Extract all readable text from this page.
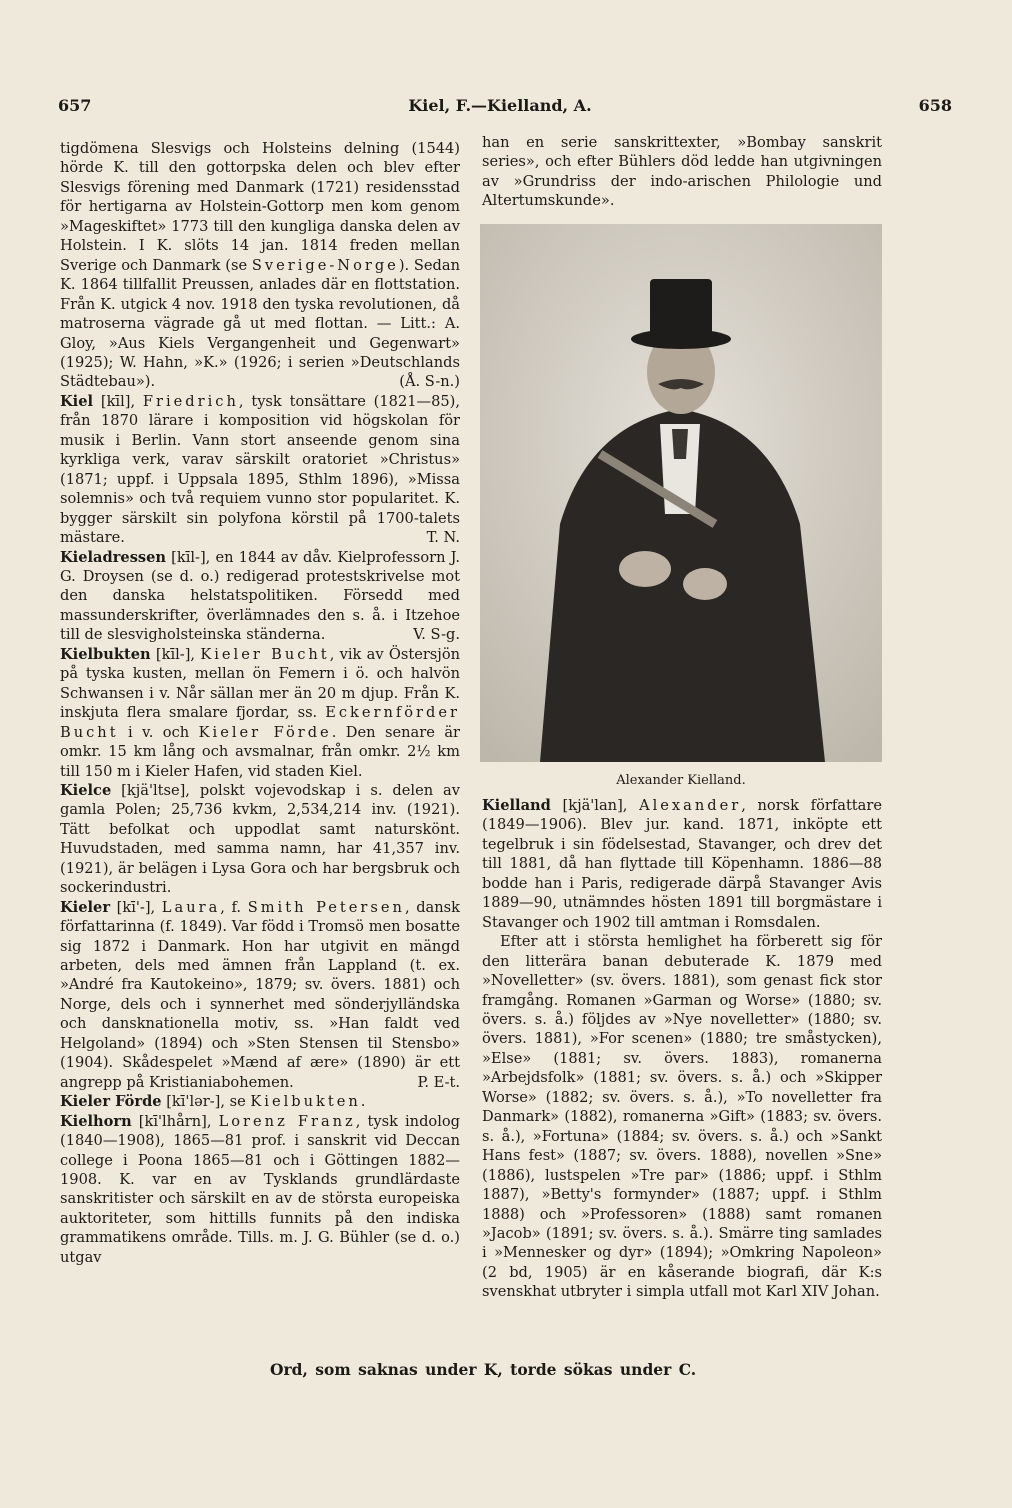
657	Kiel, F.—Kielland, A.	658

tigdömena Slesvigs och Holsteins delning (1544) hörde K. till den gottorpska delen och blev efter Slesvigs förening med Danmark (1721) residensstad för hertigarna av Holstein-Gottorp men kom genom »Mageskiftet» 1773 till den kungliga danska delen av Holstein. I K. slöts 14 jan. 1814 freden mellan Sverige och Danmark (se Sverige-Norge). Sedan K. 1864 tillfallit Preussen, anlades där en flottstation. Från K. utgick 4 nov. 1918 den tyska revolutionen, då matroserna vägrade gå ut med flottan. — Litt.: A. Gloy, »Aus Kiels Vergangenheit und Gegenwart» (1925); W. Hahn, »K.» (1926; i serien »Deutschlands Städtebau»).	(Å. S-n.)

Kiel [kīl], Friedrich, tysk tonsättare (1821—85), från 1870 lärare i komposition vid högskolan för musik i Berlin. Vann stort anseende genom sina kyrkliga verk, varav särskilt oratoriet »Christus» (1871; uppf. i Uppsala 1895, Sthlm 1896), »Missa solemnis» och två requiem vunno stor popularitet. K. bygger särskilt sin polyfona körstil på 1700-talets mästare.	T. N.

Kieladressen [kīl-], en 1844 av dåv. Kielprofessorn J. G. Droysen (se d. o.) redigerad protestskrivelse mot den danska helstatspolitiken. Försedd med massunderskrifter, överlämnades den s. å. i Itzehoe till de slesvigholsteinska ständerna.	V. S-g.

Kielbukten [kīl-], Kieler Bucht, vik av Östersjön på tyska kusten, mellan ön Femern i ö. och halvön Schwansen i v. Når sällan mer än 20 m djup. Från K. inskjuta flera smalare fjordar, ss. Eckernförder Bucht i v. och Kieler Förde. Den senare är omkr. 15 km lång och avsmalnar, från omkr. 2½ km till 150 m i Kieler Hafen, vid staden Kiel.

Kielce [kjä'ltse], polskt vojevodskap i s. delen av gamla Polen; 25,736 kvkm, 2,534,214 inv. (1921). Tätt befolkat och uppodlat samt naturskönt. Huvudstaden, med samma namn, har 41,357 inv. (1921), är belägen i Lysa Gora och har bergsbruk och sockerindustri.

Kieler [kī'-], Laura, f. Smith Petersen, dansk författarinna (f. 1849). Var född i Tromsö men bosatte sig 1872 i Danmark. Hon har utgivit en mängd arbeten, dels med ämnen från Lappland (t. ex. »André fra Kautokeino», 1879; sv. övers. 1881) och Norge, dels och i synnerhet med sönderjylländska och dansknationella motiv, ss. »Han faldt ved Helgoland» (1894) och »Sten Stensen til Stensbo» (1904). Skådespelet »Mænd af ære» (1890) är ett angrepp på Kristianiabohemen.	P. E-t.

Kieler Förde [kī'lər-], se Kielbukten.

Kielhorn [kī'lhårn], Lorenz Franz, tysk indolog (1840—1908), 1865—81 prof. i sanskrit vid Deccan college i Poona 1865—81 och i Göttingen 1882—1908. K. var en av Tysklands grundlärdaste sanskritister och särskilt en av de största europeiska auktoriteter, som hittills funnits på den indiska grammatikens område. Tills. m. J. G. Bühler (se d. o.) utgav

han en serie sanskrittexter, »Bombay sanskrit series», och efter Bühlers död ledde han utgivningen av »Grundriss der indo-arischen Philologie und Altertumskunde».

Alexander Kielland.

Kielland [kjä'lan], Alexander, norsk författare (1849—1906). Blev jur. kand. 1871, inköpte ett tegelbruk i sin födelsestad, Stavanger, och drev det till 1881, då han flyttade till Köpenhamn. 1886—88 bodde han i Paris, redigerade därpå Stavanger Avis 1889—90, utnämndes hösten 1891 till borgmästare i Stavanger och 1902 till amtman i Romsdalen.

Efter att i största hemlighet ha förberett sig för den litterära banan debuterade K. 1879 med »Novelletter» (sv. övers. 1881), som genast fick stor framgång. Romanen »Garman og Worse» (1880; sv. övers. s. å.) följdes av »Nye novelletter» (1880; sv. övers. 1881), »For scenen» (1880; tre småstycken), »Else» (1881; sv. övers. 1883), romanerna »Arbejdsfolk» (1881; sv. övers. s. å.) och »Skipper Worse» (1882; sv. övers. s. å.), »To novelletter fra Danmark» (1882), romanerna »Gift» (1883; sv. övers. s. å.), »Fortuna» (1884; sv. övers. s. å.) och »Sankt Hans fest» (1887; sv. övers. 1888), novellen »Sne» (1886), lustspelen »Tre par» (1886; uppf. i Sthlm 1887), »Betty's formynder» (1887; uppf. i Sthlm 1888) och »Professoren» (1888) samt romanen »Jacob» (1891; sv. övers. s. å.). Smärre ting samlades i »Mennesker og dyr» (1894); »Omkring Napoleon» (2 bd, 1905) är en kåserande biografi, där K:s svenskhat utbryter i simpla utfall mot Karl XIV Johan.

Ord, som saknas under K, torde sökas under C.
